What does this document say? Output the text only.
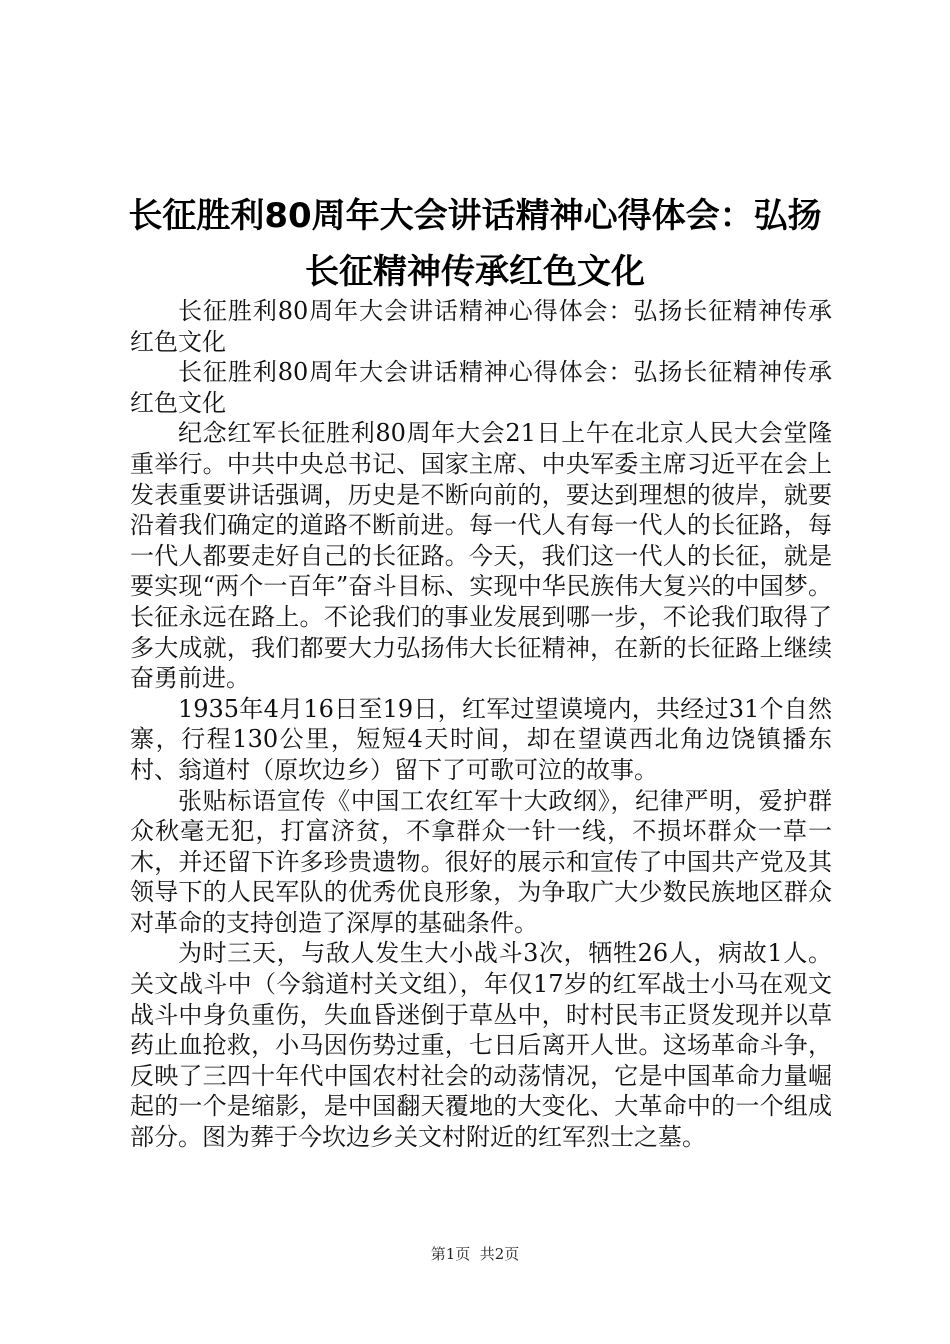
长征胜利80周年大会讲话精神心得体会：弘扬长征精神传承红色文化

长征胜利80周年大会讲话精神心得体会：弘扬长征精神传承红色文化

长征胜利80周年大会讲话精神心得体会：弘扬长征精神传承红色文化

纪念红军长征胜利80周年大会21日上午在北京人民大会堂隆重举行。中共中央总书记、国家主席、中央军委主席习近平在会上发表重要讲话强调，历史是不断向前的，要达到理想的彼岸，就要沿着我们确定的道路不断前进。每一代人有每一代人的长征路，每一代人都要走好自己的长征路。今天，我们这一代人的长征，就是要实现“两个一百年”奋斗目标、实现中华民族伟大复兴的中国梦。长征永远在路上。不论我们的事业发展到哪一步，不论我们取得了多大成就，我们都要大力弘扬伟大长征精神，在新的长征路上继续奋勇前进。

1935年4月16日至19日，红军过望谟境内，共经过31个自然寨，行程130公里，短短4天时间，却在望谟西北角边饶镇播东村、翁道村（原坎边乡）留下了可歌可泣的故事。

张贴标语宣传《中国工农红军十大政纲》，纪律严明，爱护群众秋毫无犯，打富济贫，不拿群众一针一线，不损坏群众一草一木，并还留下许多珍贵遗物。很好的展示和宣传了中国共产党及其领导下的人民军队的优秀优良形象，为争取广大少数民族地区群众对革命的支持创造了深厚的基础条件。

为时三天，与敌人发生大小战斗3次，牺牲26人，病故1人。关文战斗中（今翁道村关文组），年仅17岁的红军战士小马在观文战斗中身负重伤，失血昏迷倒于草丛中，时村民韦正贤发现并以草药止血抢救，小马因伤势过重，七日后离开人世。这场革命斗争，反映了三四十年代中国农村社会的动荡情况，它是中国革命力量崛起的一个是缩影，是中国翻天覆地的大变化、大革命中的一个组成部分。图为葬于今坎边乡关文村附近的红军烈士之墓。

第1页  共2页
